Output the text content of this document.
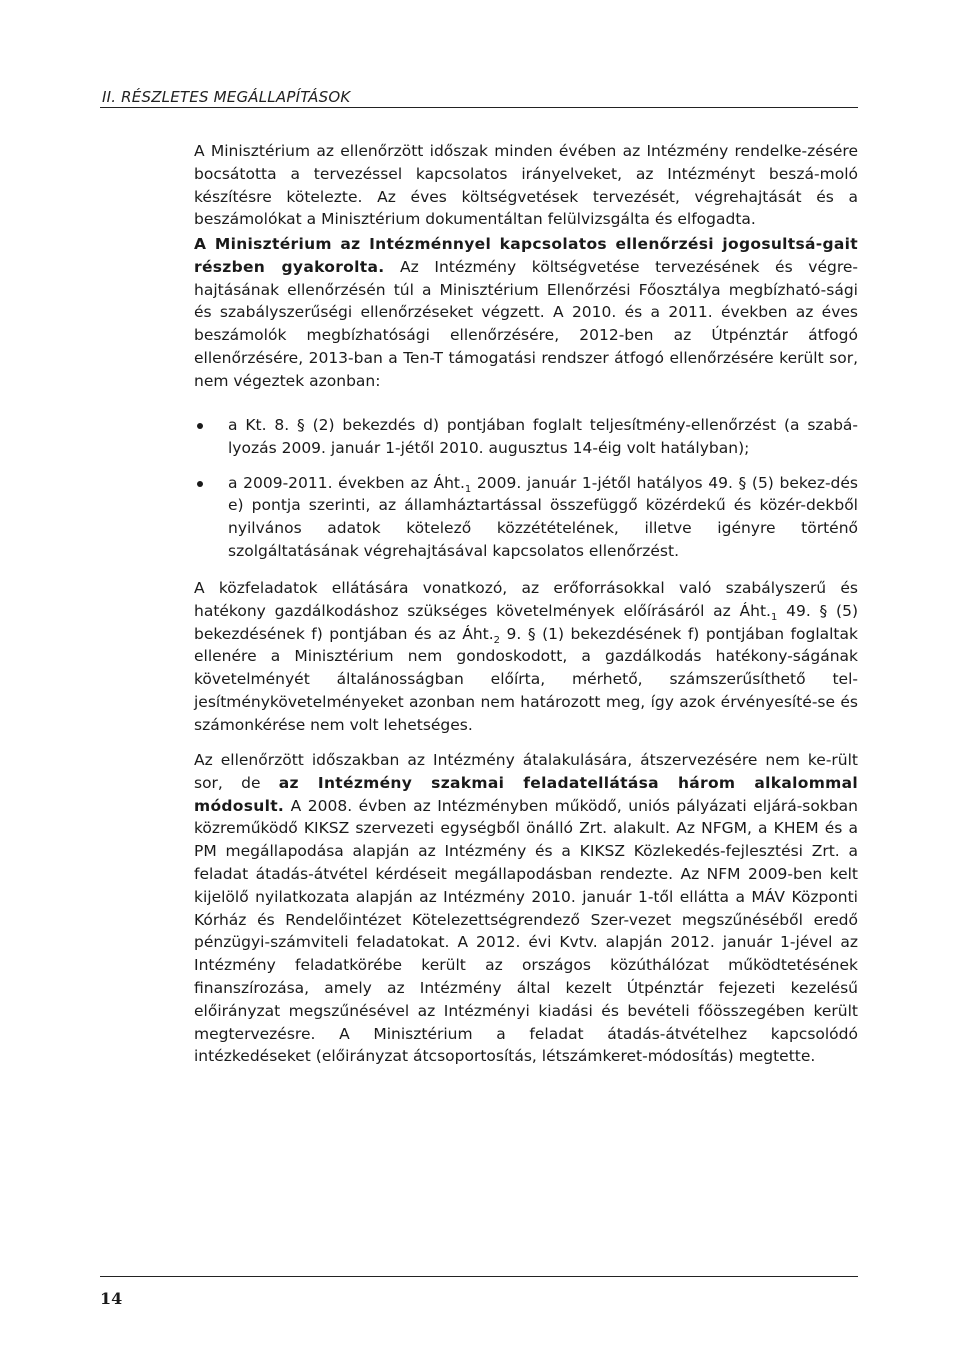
II. RÉSZLETES MEGÁLLAPÍTÁSOK

A Minisztérium az ellenőrzött időszak minden évében az Intézmény rendelke-zésére bocsátotta a tervezéssel kapcsolatos irányelveket, az Intézményt beszá-moló készítésre kötelezte. Az éves költségvetések tervezését, végrehajtását és a beszámolókat a Minisztérium dokumentáltan felülvizsgálta és elfogadta.

A Minisztérium az Intézménnyel kapcsolatos ellenőrzési jogosultsá-gait részben gyakorolta. Az Intézmény költségvetése tervezésének és végre-hajtásának ellenőrzésén túl a Minisztérium Ellenőrzési Főosztálya megbízható-sági és szabályszerűségi ellenőrzéseket végzett. A 2010. és a 2011. években az éves beszámolók megbízhatósági ellenőrzésére, 2012-ben az Útpénztár átfogó ellenőrzésére, 2013-ban a Ten-T támogatási rendszer átfogó ellenőrzésére került sor, nem végeztek azonban:

a Kt. 8. § (2) bekezdés d) pontjában foglalt teljesítmény-ellenőrzést (a szabá-lyozás 2009. január 1-jétől 2010. augusztus 14-éig volt hatályban);
a 2009-2011. években az $Áht._1$ 2009. január 1-jétől hatályos 49. § (5) bekez-dés e) pontja szerinti, az államháztartással összefüggő közérdekű és közér-dekből nyilvános adatok kötelező közzétételének, illetve igényre történő szolgáltatásának végrehajtásával kapcsolatos ellenőrzést.

A közfeladatok ellátására vonatkozó, az erőforrásokkal való szabályszerű és hatékony gazdálkodáshoz szükséges követelmények előírásáról az $Áht._1$ 49. § (5) bekezdésének f) pontjában és az $Áht._2$ 9. § (1) bekezdésének f) pontjában foglaltak ellenére a Minisztérium nem gondoskodott, a gazdálkodás hatékony-ságának követelményét általánosságban előírta, mérhető, számszerűsíthető tel-jesítménykövetelményeket azonban nem határozott meg, így azok érvényesíté-se és számonkérése nem volt lehetséges.

Az ellenőrzött időszakban az Intézmény átalakulására, átszervezésére nem ke-rült sor, de az Intézmény szakmai feladatellátása három alkalommal módosult. A 2008. évben az Intézményben működő, uniós pályázati eljárá-sokban közreműködő KIKSZ szervezeti egységből önálló Zrt. alakult. Az NFGM, a KHEM és a PM megállapodása alapján az Intézmény és a KIKSZ Közlekedés-fejlesztési Zrt. a feladat átadás-átvétel kérdéseit megállapodásban rendezte. Az NFM 2009-ben kelt kijelölő nyilatkozata alapján az Intézmény 2010. január 1-től ellátta a MÁV Központi Kórház és Rendelőintézet Kötelezettségrendező Szer-vezet megszűnéséből eredő pénzügyi-számviteli feladatokat. A 2012. évi Kvtv. alapján 2012. január 1-jével az Intézmény feladatkörébe került az országos közúthálózat működtetésének finanszírozása, amely az Intézmény által kezelt Útpénztár fejezeti kezelésű előirányzat megszűnésével az Intézményi kiadási és bevételi főösszegében került megtervezésre. A Minisztérium a feladat átadás-átvételhez kapcsolódó intézkedéseket (előirányzat átcsoportosítás, létszámkeret-módosítás) megtette.

14
